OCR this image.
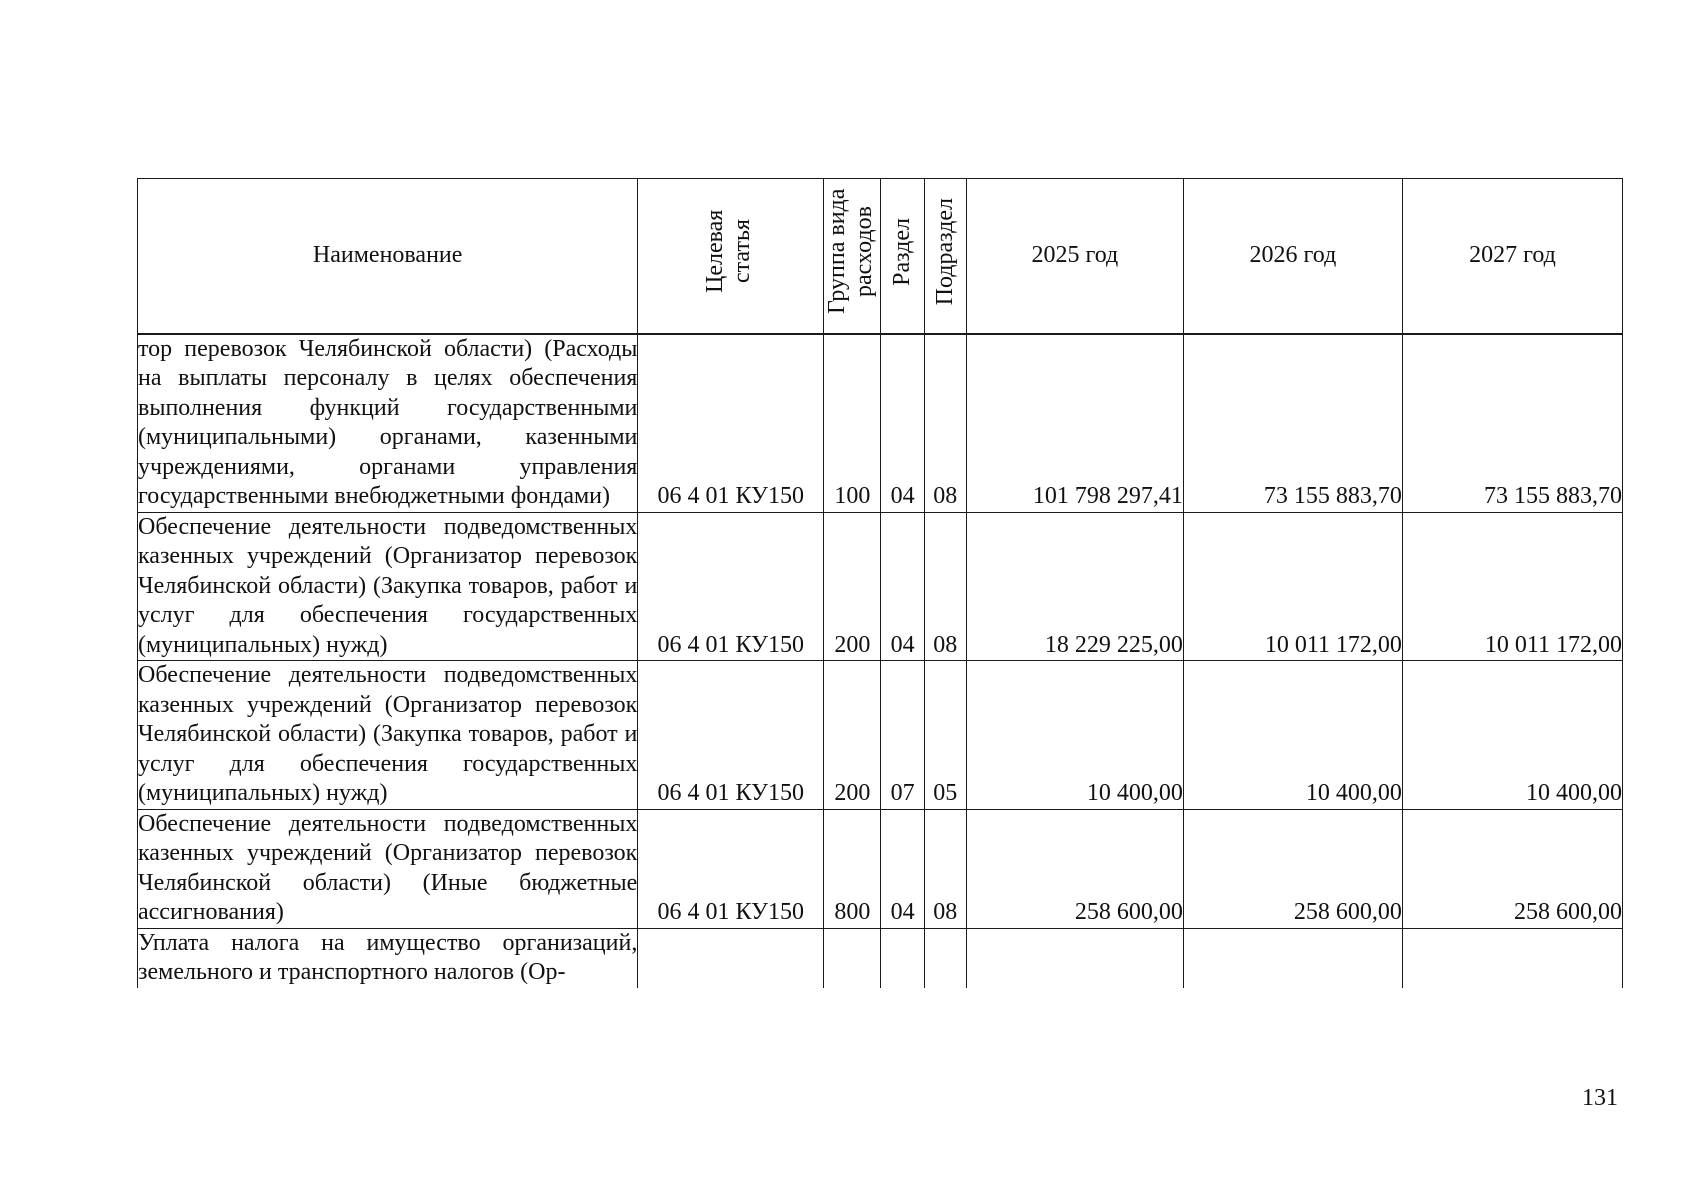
Наименование	Целевая статья	Группа вида расходов	Раздел	Подраздел	2025 год	2026 год	2027 год
тор перевозок Челябинской области) (Расходы на выплаты персоналу в целях обеспечения выполнения функций государственными (муниципальными) органами, казенными учреждениями, органами управления государственными внебюджетными фондами)	06 4 01 КУ150	100	04	08	101 798 297,41	73 155 883,70	73 155 883,70
Обеспечение деятельности подведомственных казенных учреждений (Организатор перевозок Челябинской области) (Закупка товаров, работ и услуг для обеспечения государственных (муниципальных) нужд)	06 4 01 КУ150	200	04	08	18 229 225,00	10 011 172,00	10 011 172,00
Обеспечение деятельности подведомственных казенных учреждений (Организатор перевозок Челябинской области) (Закупка товаров, работ и услуг для обеспечения государственных (муниципальных) нужд)	06 4 01 КУ150	200	07	05	10 400,00	10 400,00	10 400,00
Обеспечение деятельности подведомственных казенных учреждений (Организатор перевозок Челябинской области) (Иные бюджетные ассигнования)	06 4 01 КУ150	800	04	08	258 600,00	258 600,00	258 600,00
Уплата налога на имущество организаций, земельного и транспортного налогов (Ор-							
131
